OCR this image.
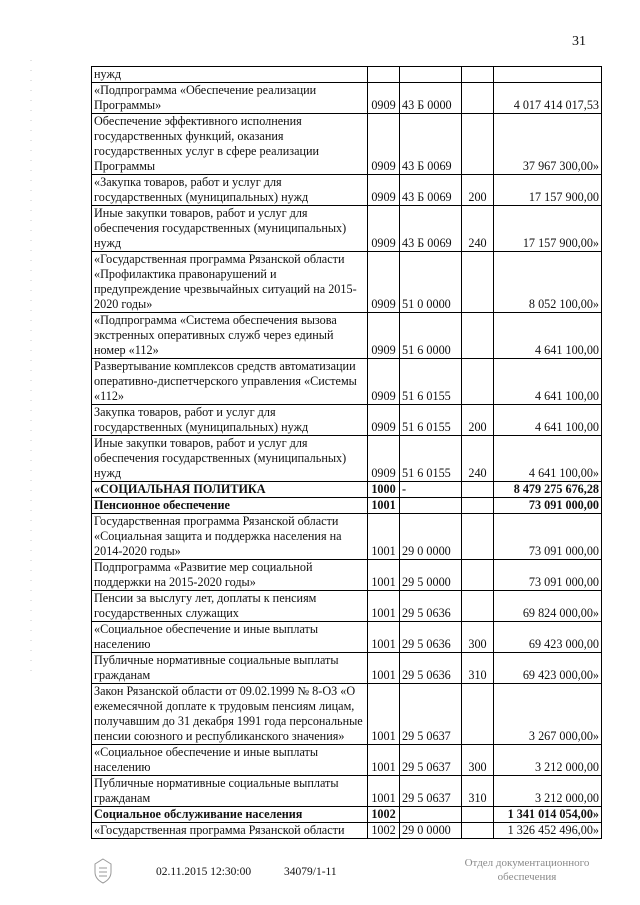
31
нужд				
«Подпрограмма «Обеспечение реализации Программы»	0909	43 Б 0000		4 017 414 017,53
Обеспечение эффективного исполнения государственных функций, оказания государственных услуг в сфере реализации Программы	0909	43 Б 0069		37 967 300,00»
«Закупка товаров, работ и услуг для государственных (муниципальных) нужд	0909	43 Б 0069	200	17 157 900,00
Иные закупки товаров, работ и услуг для обеспечения государственных (муниципальных) нужд	0909	43 Б 0069	240	17 157 900,00»
«Государственная программа Рязанской области «Профилактика правонарушений и предупреждение чрезвычайных ситуаций на 2015-2020 годы»	0909	51 0 0000		8 052 100,00»
«Подпрограмма «Система обеспечения вызова экстренных оперативных служб через единый номер «112»	0909	51 6 0000		4 641 100,00
Развертывание комплексов средств автоматизации оперативно-диспетчерского управления «Системы «112»	0909	51 6 0155		4 641 100,00
Закупка товаров, работ и услуг для государственных (муниципальных) нужд	0909	51 6 0155	200	4 641 100,00
Иные закупки товаров, работ и услуг для обеспечения государственных (муниципальных) нужд	0909	51 6 0155	240	4 641 100,00»
«СОЦИАЛЬНАЯ ПОЛИТИКА	1000	-		8 479 275 676,28
Пенсионное обеспечение	1001			73 091 000,00
Государственная программа Рязанской области «Социальная защита и поддержка населения на 2014-2020 годы»	1001	29 0 0000		73 091 000,00
Подпрограмма «Развитие мер социальной поддержки на 2015-2020 годы»	1001	29 5 0000		73 091 000,00
Пенсии за выслугу лет, доплаты к пенсиям государственных служащих	1001	29 5 0636		69 824 000,00»
«Социальное обеспечение и иные выплаты населению	1001	29 5 0636	300	69 423 000,00
Публичные нормативные социальные выплаты гражданам	1001	29 5 0636	310	69 423 000,00»
Закон Рязанской области от 09.02.1999 № 8-ОЗ «О ежемесячной доплате к трудовым пенсиям лицам, получавшим до 31 декабря 1991 года персональные пенсии союзного и республиканского значения»	1001	29 5 0637		3 267 000,00»
«Социальное обеспечение и иные выплаты населению	1001	29 5 0637	300	3 212 000,00
Публичные нормативные социальные выплаты гражданам	1001	29 5 0637	310	3 212 000,00
Социальное обслуживание населения	1002			1 341 014 054,00»
«Государственная программа Рязанской области	1002	29 0 0000		1 326 452 496,00»
02.11.2015 12:30:00	34079/1-11
Отдел документационного
обеспечения
